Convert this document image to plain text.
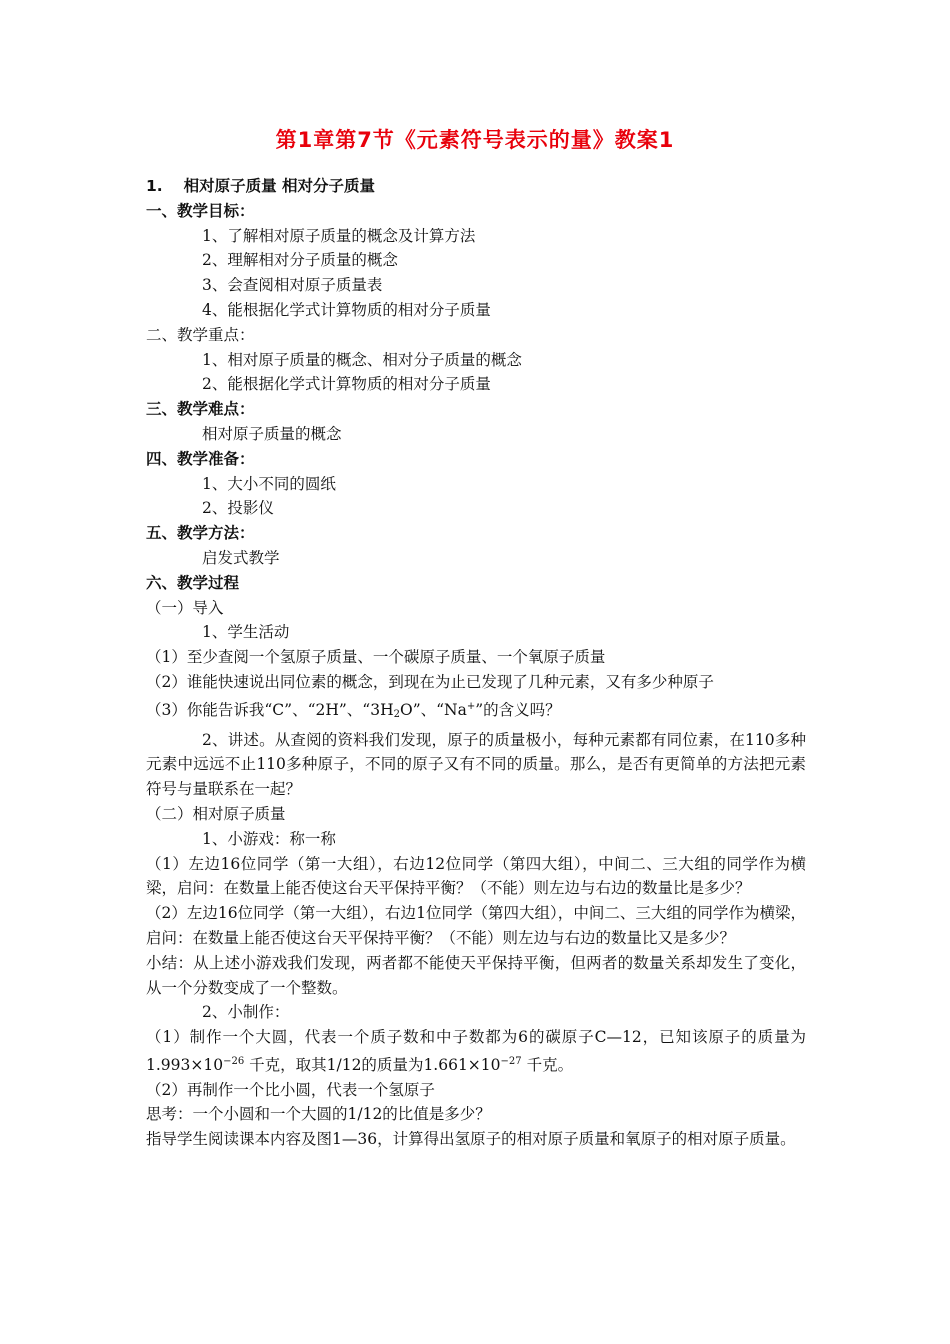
第1章第7节《元素符号表示的量》教案1
1.　 相对原子质量 相对分子质量
一、教学目标：
1、了解相对原子质量的概念及计算方法
2、理解相对分子质量的概念
3、会查阅相对原子质量表
4、能根据化学式计算物质的相对分子质量
二、教学重点：
1、相对原子质量的概念、相对分子质量的概念
2、能根据化学式计算物质的相对分子质量
三、教学难点：
相对原子质量的概念
四、教学准备：
1、大小不同的圆纸
2、投影仪
五、教学方法：
启发式教学
六、教学过程
（一）导入
1、学生活动
（1）至少查阅一个氢原子质量、一个碳原子质量、一个氧原子质量
（2）谁能快速说出同位素的概念，到现在为止已发现了几种元素，又有多少种原子
（3）你能告诉我“C”、“2H”、“$3H_2O$”、“Na+”的含义吗？
2、讲述。从查阅的资料我们发现，原子的质量极小，每种元素都有同位素，在110多种元素中远远不止110多种原子，不同的原子又有不同的质量。那么，是否有更简单的方法把元素符号与量联系在一起？
（二）相对原子质量
1、小游戏：称一称
（1）左边16位同学（第一大组），右边12位同学（第四大组），中间二、三大组的同学作为横梁，启问：在数量上能否使这台天平保持平衡？（不能）则左边与右边的数量比是多少？
（2）左边16位同学（第一大组），右边1位同学（第四大组），中间二、三大组的同学作为横梁，启问：在数量上能否使这台天平保持平衡？（不能）则左边与右边的数量比又是多少？
小结：从上述小游戏我们发现，两者都不能使天平保持平衡，但两者的数量关系却发生了变化，从一个分数变成了一个整数。
2、小制作：
（1）制作一个大圆，代表一个质子数和中子数都为6的碳原子C—12，已知该原子的质量为$1.993\times 10^{-26}$ 千克，取其1/12的质量为$1.661\times 10^{-27}$ 千克。
（2）再制作一个比小圆，代表一个氢原子
思考：一个小圆和一个大圆的1/12的比值是多少？
指导学生阅读课本内容及图1—36，计算得出氢原子的相对原子质量和氧原子的相对原子质量。
